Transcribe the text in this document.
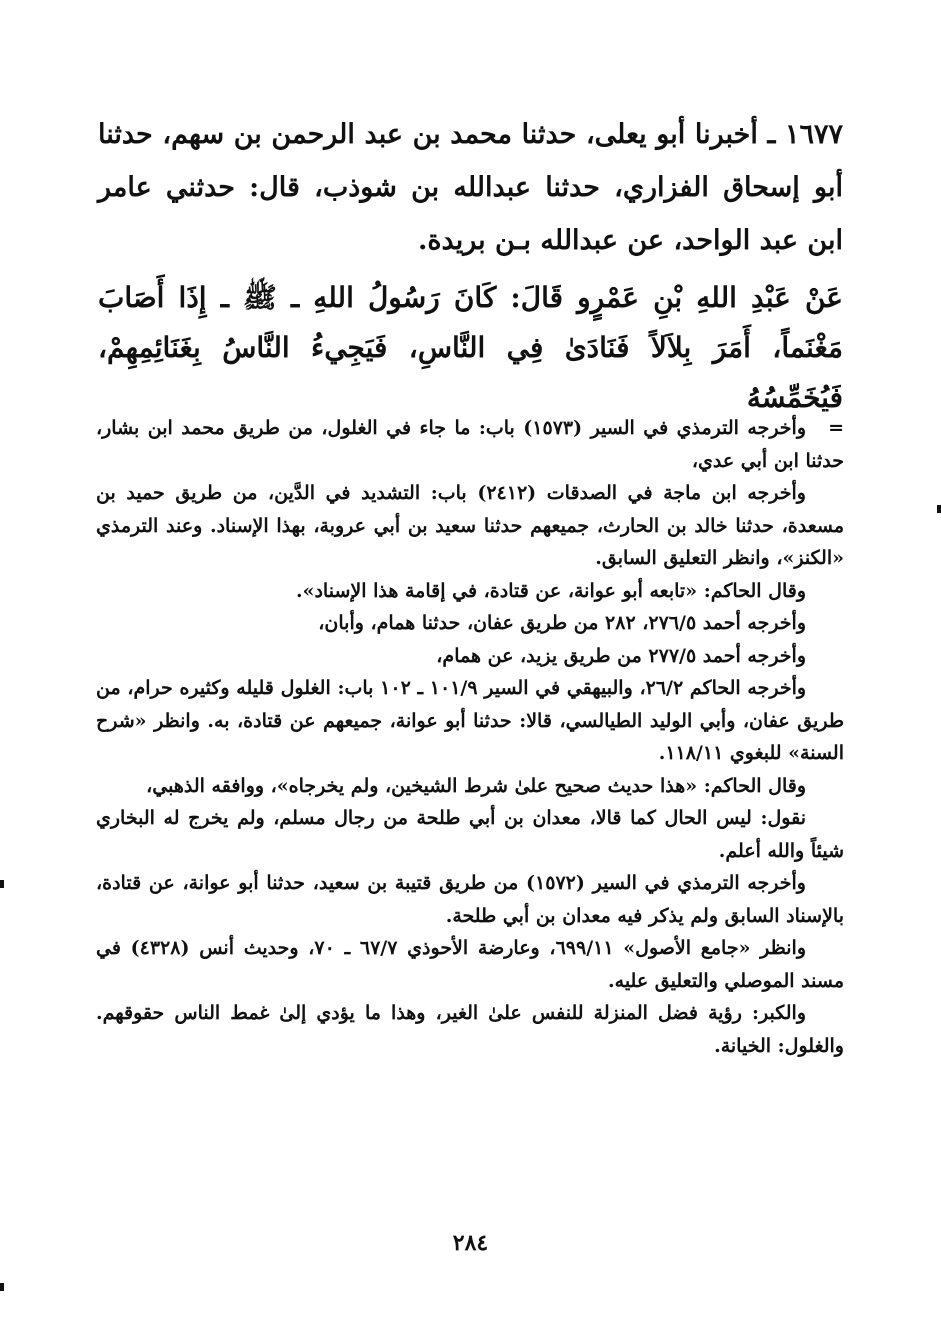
١٦٧٧ ـ أخبرنا أبو يعلى، حدثنا محمد بن عبد الرحمن بن سهم، حدثنا أبو إسحاق الفزاري، حدثنا عبدالله بن شوذب، قال: حدثني عامر ابن عبد الواحد، عن عبدالله بـن بريدة.

عَنْ عَبْدِ اللهِ بْنِ عَمْرٍو قَالَ: كَانَ رَسُولُ اللهِ ـ ﷺ ـ إِذَا أَصَابَ مَغْنَماً، أَمَرَ بِلاَلاً فَنَادَىٰ فِي النَّاسِ، فَيَجِيءُ النَّاسُ بِغَنَائِمِهِمْ، فَيُخَمِّسُهُ

=وأخرجه الترمذي في السير (١٥٧٣) باب: ما جاء في الغلول، من طريق محمد ابن بشار، حدثنا ابن أبي عدي،

وأخرجه ابن ماجة في الصدقات (٢٤١٢) باب: التشديد في الدَّين، من طريق حميد بن مسعدة، حدثنا خالد بن الحارث، جميعهم حدثنا سعيد بن أبي عروبة، بهذا الإسناد. وعند الترمذي «الكنز»، وانظر التعليق السابق.

وقال الحاكم: «تابعه أبو عوانة، عن قتادة، في إقامة هذا الإسناد».

وأخرجه أحمد ٢٧٦/٥، ٢٨٢ من طريق عفان، حدثنا همام، وأبان،

وأخرجه أحمد ٢٧٧/٥ من طريق يزيد، عن همام،

وأخرجه الحاكم ٢٦/٢، والبيهقي في السير ١٠١/٩ ـ ١٠٢ باب: الغلول قليله وكثيره حرام، من طريق عفان، وأبي الوليد الطيالسي، قالا: حدثنا أبو عوانة، جميعهم عن قتادة، به. وانظر «شرح السنة» للبغوي ١١٨/١١.

وقال الحاكم: «هذا حديث صحيح علىٰ شرط الشيخين، ولم يخرجاه»، ووافقه الذهبي،

نقول: ليس الحال كما قالا، معدان بن أبي طلحة من رجال مسلم، ولم يخرج له البخاري شيئاً والله أعلم.

وأخرجه الترمذي في السير (١٥٧٢) من طريق قتيبة بن سعيد، حدثنا أبو عوانة، عن قتادة، بالإسناد السابق ولم يذكر فيه معدان بن أبي طلحة.

وانظر «جامع الأصول» ٦٩٩/١١، وعارضة الأحوذي ٦٧/٧ ـ ٧٠، وحديث أنس (٤٣٢٨) في مسند الموصلي والتعليق عليه.

والكبر: رؤية فضل المنزلة للنفس علىٰ الغير، وهذا ما يؤدي إلىٰ غمط الناس حقوقهم. والغلول: الخيانة.

٢٨٤
